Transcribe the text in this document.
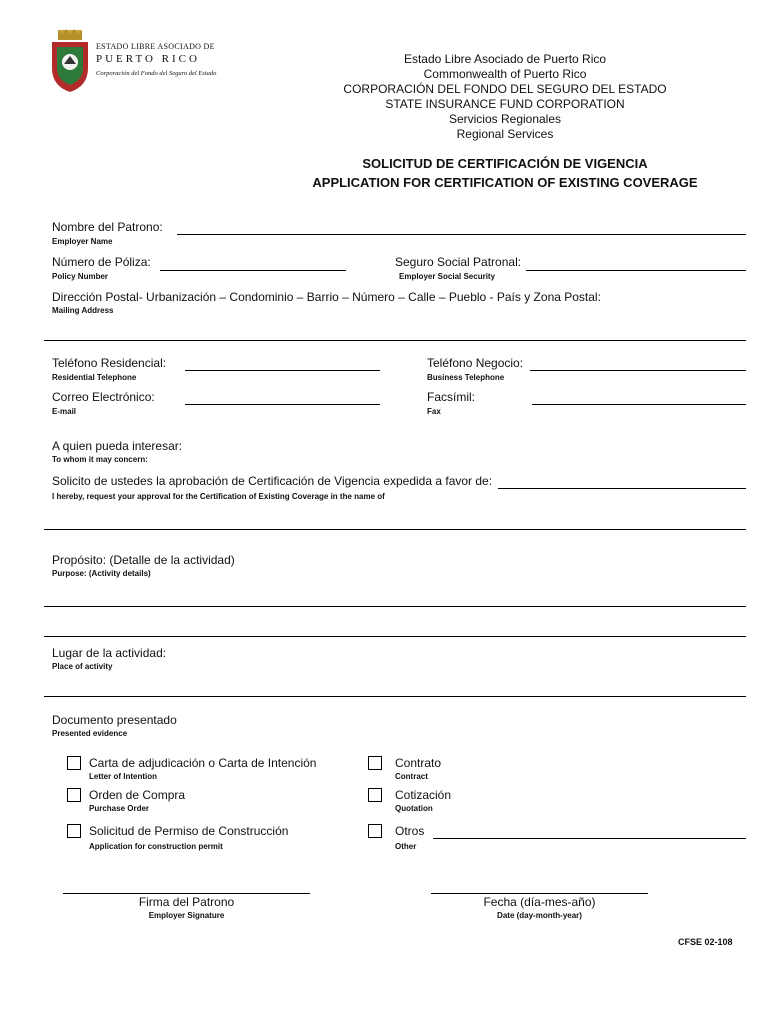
ESTADO LIBRE ASOCIADO DE
PUERTO RICO
Corporación del Fondo del Seguro del Estado
Estado Libre Asociado de Puerto Rico
Commonwealth of Puerto Rico
CORPORACIÓN DEL FONDO DEL SEGURO DEL ESTADO
STATE INSURANCE FUND CORPORATION
Servicios Regionales
Regional Services
SOLICITUD DE CERTIFICACIÓN DE VIGENCIA
APPLICATION FOR CERTIFICATION OF EXISTING COVERAGE
Nombre del Patrono:
Employer Name
Número de Póliza:
Policy Number
Seguro Social Patronal:
Employer Social Security
Dirección Postal- Urbanización – Condominio – Barrio – Número – Calle – Pueblo - País y Zona Postal:
Mailing Address
Teléfono Residencial:
Residential Telephone
Teléfono Negocio:
Business Telephone
Correo Electrónico:
E-mail
Facsímil:
Fax
A quien pueda interesar:
To whom it may concern:
Solicito de ustedes la aprobación de Certificación de Vigencia expedida a favor de:
I hereby, request your approval for the Certification of Existing Coverage in the name of
Propósito: (Detalle de la actividad)
Purpose: (Activity details)
Lugar de la actividad:
Place of activity
Documento presentado
Presented evidence
Carta de adjudicación o Carta de Intención
Letter of Intention
Contrato
Contract
Orden de Compra
Purchase Order
Cotización
Quotation
Solicitud de Permiso de Construcción
Application for construction permit
Otros
Other
Firma del Patrono
Employer Signature
Fecha (día-mes-año)
Date (day-month-year)
CFSE 02-108
